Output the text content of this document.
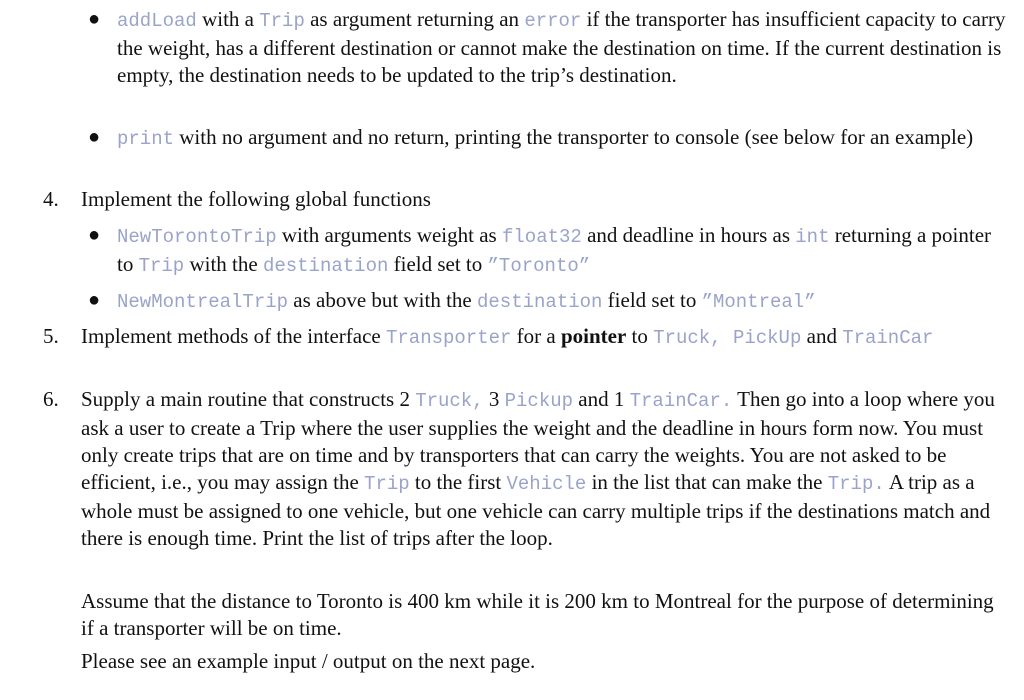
● addLoad with a Trip as argument returning an error if the transporter has insufficient capacity to carry the weight, has a different destination or cannot make the destination on time. If the current destination is empty, the destination needs to be updated to the trip’s destination.

● print with no argument and no return, printing the transporter to console (see below for an example)

4. Implement the following global functions

● NewTorontoTrip with arguments weight as float32 and deadline in hours as int returning a pointer to Trip with the destination field set to ”Toronto”

● NewMontrealTrip as above but with the destination field set to ”Montreal”

5. Implement methods of the interface Transporter for a pointer to Truck, PickUp and TrainCar

6. Supply a main routine that constructs 2 Truck, 3 Pickup and 1 TrainCar. Then go into a loop where you ask a user to create a Trip where the user supplies the weight and the deadline in hours form now. You must only create trips that are on time and by transporters that can carry the weights. You are not asked to be efficient, i.e., you may assign the Trip to the first Vehicle in the list that can make the Trip. A trip as a whole must be assigned to one vehicle, but one vehicle can carry multiple trips if the destinations match and there is enough time. Print the list of trips after the loop.

Assume that the distance to Toronto is 400 km while it is 200 km to Montreal for the purpose of determining if a transporter will be on time.

Please see an example input / output on the next page.
